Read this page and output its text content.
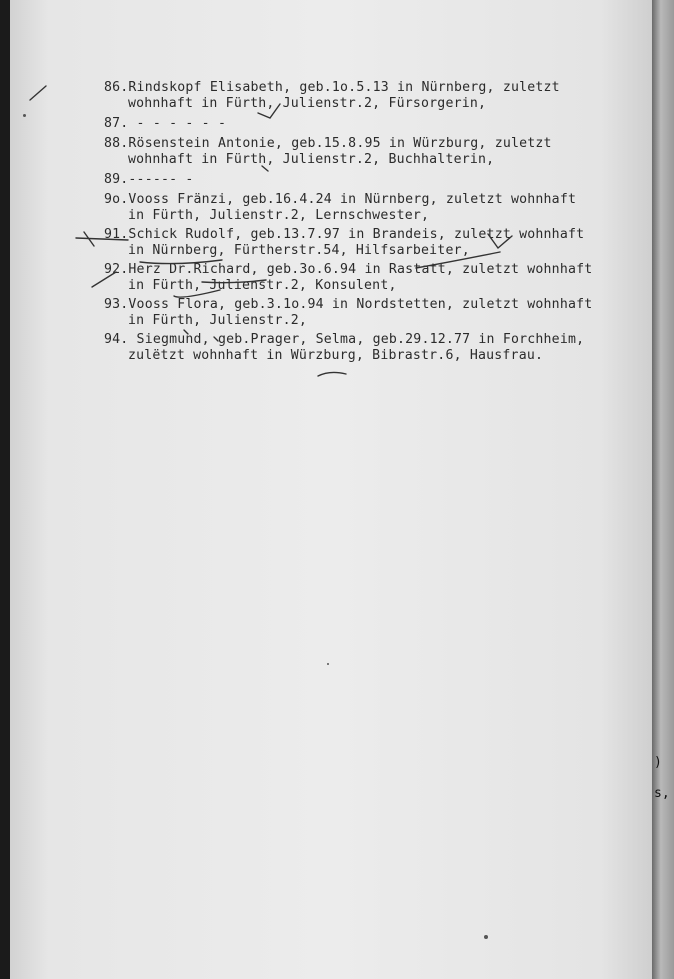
)
s,
86.Rindskopf Elisabeth, geb.1o.5.13 in Nürnberg, zuletzt
wohnhaft in Fürth, Julienstr.2, Fürsorgerin,
87. - - - - - -
88.Rösenstein Antonie, geb.15.8.95 in Würzburg, zuletzt
wohnhaft in Fürth, Julienstr.2, Buchhalterin,
89.------ -
9o.Vooss Fränzi, geb.16.4.24 in Nürnberg, zuletzt wohnhaft
in Fürth, Julienstr.2, Lernschwester,
91.Schick Rudolf, geb.13.7.97 in Brandeis, zuletzt wohnhaft
in Nürnberg, Fürtherstr.54, Hilfsarbeiter,
92.Herz Dr.Richard, geb.3o.6.94 in Rastatt, zuletzt wohnhaft
in Fürth, Julienstr.2, Konsulent,
93.Vooss Flora, geb.3.1o.94 in Nordstetten, zuletzt wohnhaft
in Fürth, Julienstr.2,
94. Siegmund, geb.Prager, Selma, geb.29.12.77 in Forchheim,
zulëtzt wohnhaft in Würzburg, Bibrastr.6, Hausfrau.
